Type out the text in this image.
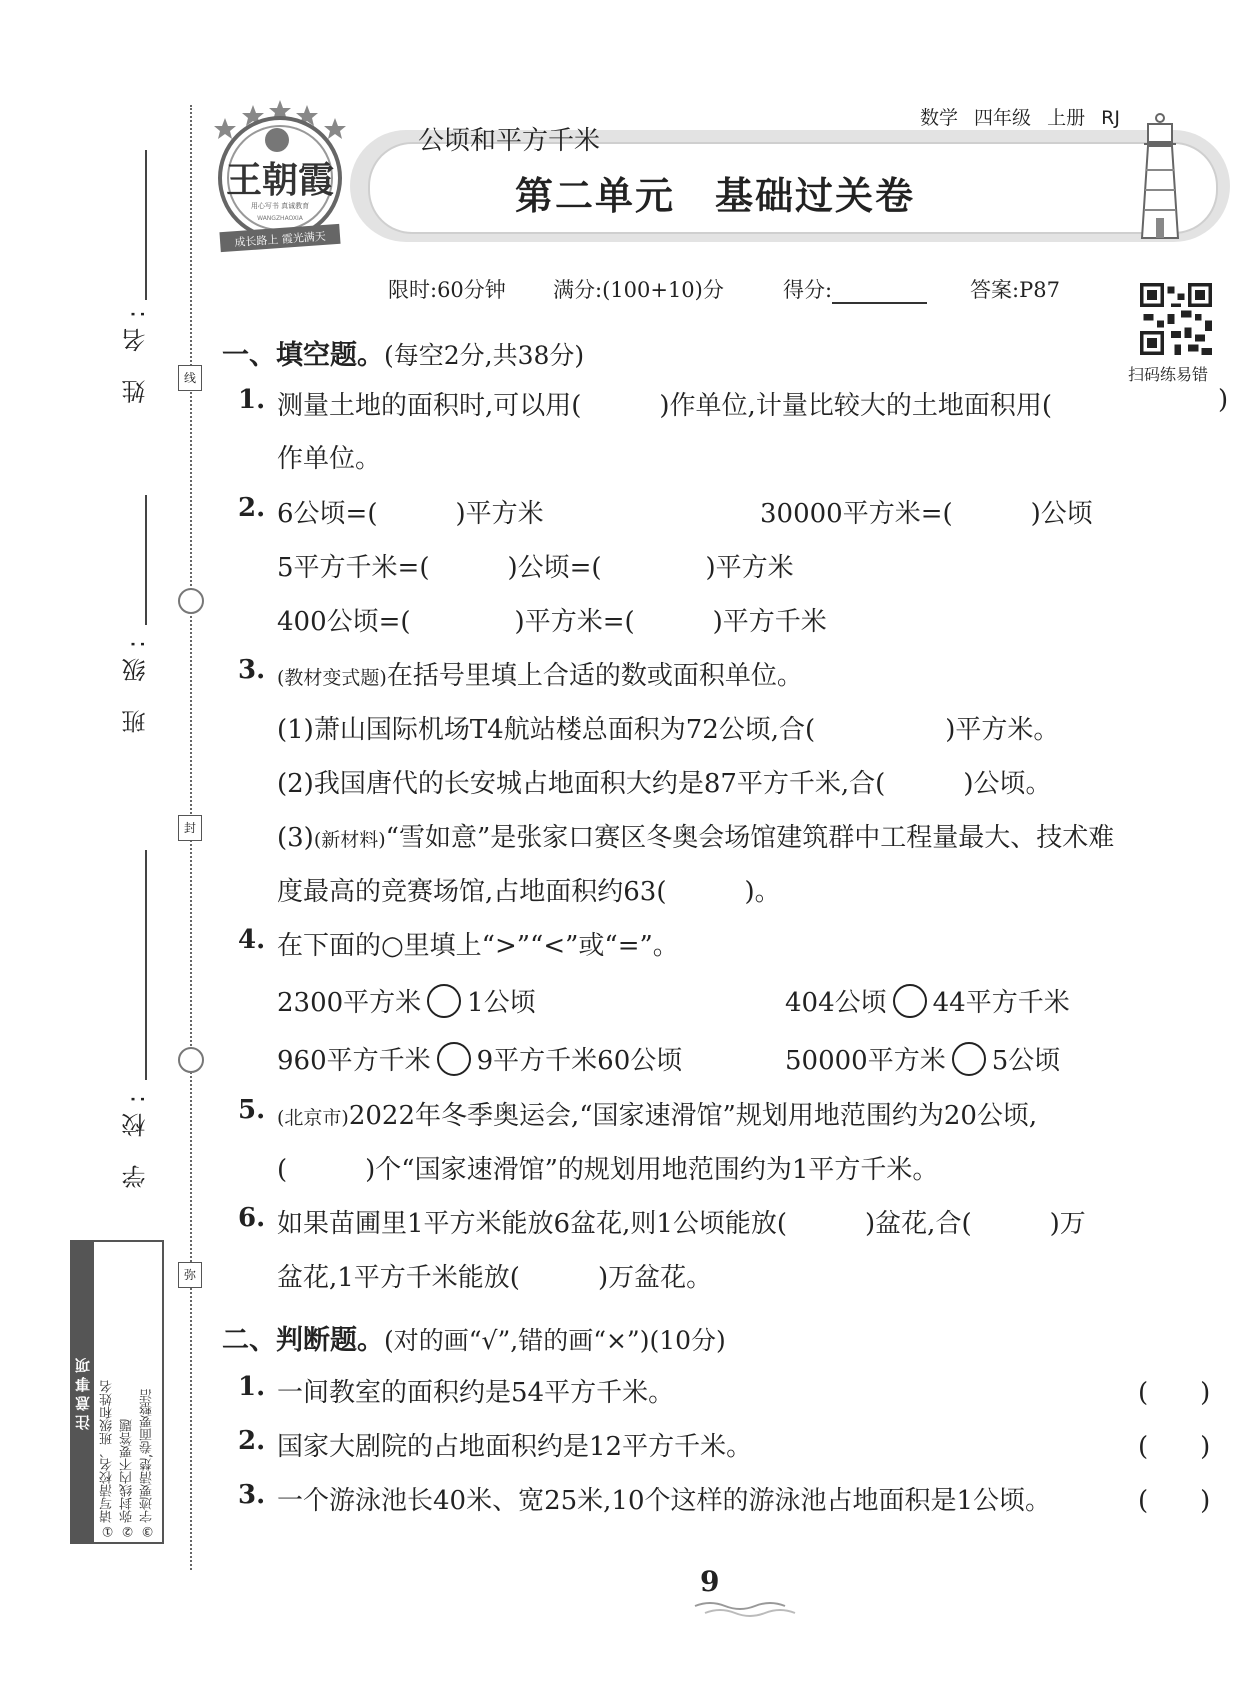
姓 名:
班 级:
学 校:
线
封
弥
注意事项 ①请写清校名、班级和姓名 ②弥封线内不要答题 ③字迹要清楚,卷面要整洁
王朝霞
用心写书 真诚教育
WANGZHAOXIA
成长路上 霞光满天
公顷和平方千米
数学 四年级 上册 RJ
第二单元　基础过关卷
限时:60分钟 满分:(100+10)分	得分:	答案:P87
扫码练易错
一、填空题。(每空2分,共38分)
1. 测量土地的面积时,可以用(　　　)作单位,计量比较大的土地面积用(	)
作单位。
2. 6公顷=(　　　)平方米	30000平方米=(　　　)公顷
5平方千米=(　　　)公顷=(　　　　)平方米
400公顷=(　　　　)平方米=(　　　)平方千米
3. (教材变式题)在括号里填上合适的数或面积单位。
(1)萧山国际机场T4航站楼总面积为72公顷,合(　　　　　)平方米。
(2)我国唐代的长安城占地面积大约是87平方千米,合(　　　)公顷。
(3)(新材料)“雪如意”是张家口赛区冬奥会场馆建筑群中工程量最大、技术难
度最高的竞赛场馆,占地面积约63(　　　)。
4. 在下面的○里填上“>”“<”或“=”。
2300平方米 1公顷	404公顷 44平方千米
960平方千米 9平方千米60公顷	50000平方米 5公顷
5. (北京市)2022年冬季奥运会,“国家速滑馆”规划用地范围约为20公顷,
(　　　)个“国家速滑馆”的规划用地范围约为1平方千米。
6. 如果苗圃里1平方米能放6盆花,则1公顷能放(　　　)盆花,合(　　　)万
盆花,1平方千米能放(　　　)万盆花。
二、判断题。(对的画“√”,错的画“×”)(10分)
1. 一间教室的面积约是54平方千米。	(　　)
2. 国家大剧院的占地面积约是12平方千米。	(　　)
3. 一个游泳池长40米、宽25米,10个这样的游泳池占地面积是1公顷。	(　　)
9
